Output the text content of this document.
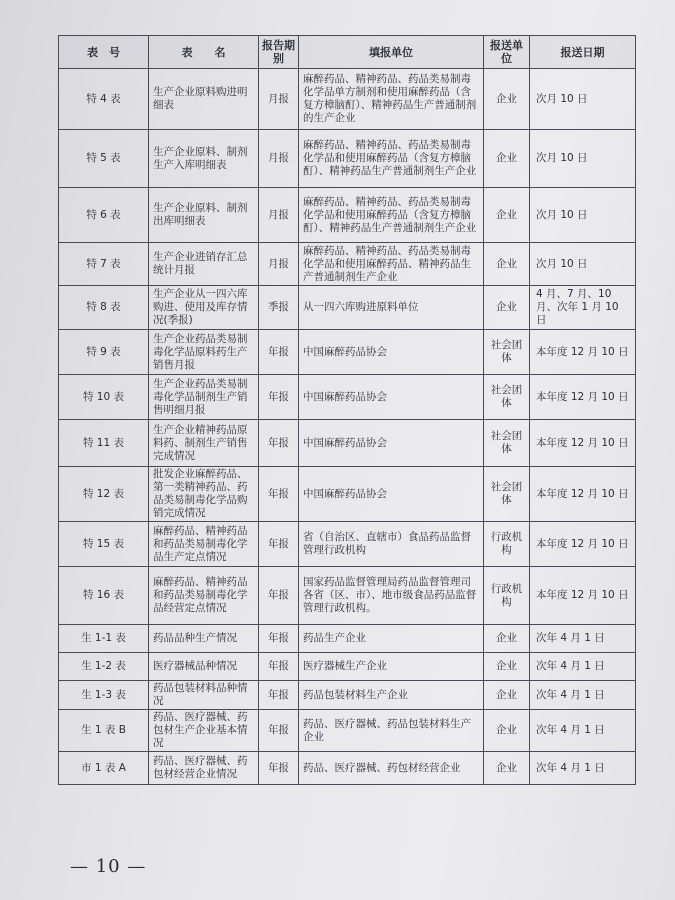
表　号	表　　名	报告期别	填报单位	报送单位	报送日期
特 4 表	生产企业原料购进明细表	月报	麻醉药品、精神药品、药品类易制毒化学品单方制剂和使用麻醉药品（含复方樟脑酊）、精神药品生产普通制剂的生产企业	企业	次月 10 日
特 5 表	生产企业原料、制剂生产入库明细表	月报	麻醉药品、精神药品、药品类易制毒化学品和使用麻醉药品（含复方樟脑酊）、精神药品生产普通制剂生产企业	企业	次月 10 日
特 6 表	生产企业原料、制剂出库明细表	月报	麻醉药品、精神药品、药品类易制毒化学品和使用麻醉药品（含复方樟脑酊）、精神药品生产普通制剂生产企业	企业	次月 10 日
特 7 表	生产企业进销存汇总统计月报	月报	麻醉药品、精神药品、药品类易制毒化学品和使用麻醉药品、精神药品生产普通制剂生产企业	企业	次月 10 日
特 8 表	生产企业从一四六库购进、使用及库存情况(季报)	季报	从一四六库购进原料单位	企业	4 月、7 月、10 月、次年 1 月 10 日
特 9 表	生产企业药品类易制毒化学品原料药生产销售月报	年报	中国麻醉药品协会	社会团体	本年度 12 月 10 日
特 10 表	生产企业药品类易制毒化学品制剂生产销售明细月报	年报	中国麻醉药品协会	社会团体	本年度 12 月 10 日
特 11 表	生产企业精神药品原料药、制剂生产销售完成情况	年报	中国麻醉药品协会	社会团体	本年度 12 月 10 日
特 12 表	批发企业麻醉药品、第一类精神药品、药品类易制毒化学品购销完成情况	年报	中国麻醉药品协会	社会团体	本年度 12 月 10 日
特 15 表	麻醉药品、精神药品和药品类易制毒化学品生产定点情况	年报	省（自治区、直辖市）食品药品监督管理行政机构	行政机构	本年度 12 月 10 日
特 16 表	麻醉药品、精神药品和药品类易制毒化学品经营定点情况	年报	国家药品监督管理局药品监督管理司　各省（区、市）、地市级食品药品监督管理行政机构。	行政机构	本年度 12 月 10 日
生 1-1 表	药品品种生产情况	年报	药品生产企业	企业	次年 4 月 1 日
生 1-2 表	医疗器械品种情况	年报	医疗器械生产企业	企业	次年 4 月 1 日
生 1-3 表	药品包装材料品种情况	年报	药品包装材料生产企业	企业	次年 4 月 1 日
生 1 表 B	药品、医疗器械、药包材生产企业基本情况	年报	药品、医疗器械、药品包装材料生产企业	企业	次年 4 月 1 日
市 1 表 A	药品、医疗器械、药包材经营企业情况	年报	药品、医疗器械、药包材经营企业	企业	次年 4 月 1 日
— 10 —
